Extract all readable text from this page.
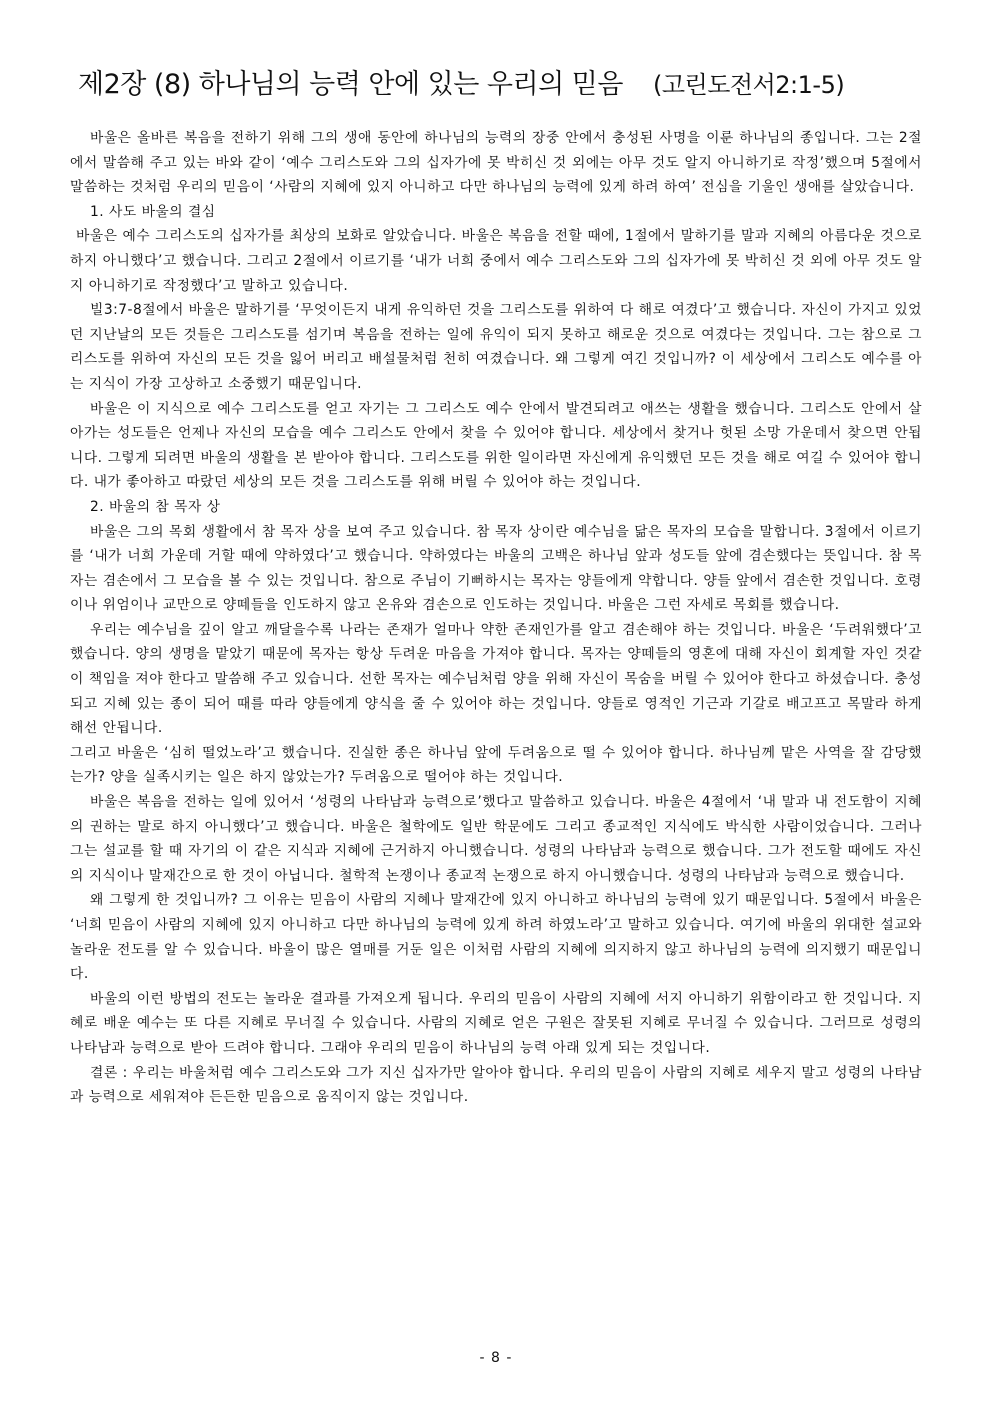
제2장 (8) 하나님의 능력 안에 있는 우리의 믿음 (고린도전서2:1-5)

바울은 올바른 복음을 전하기 위해 그의 생애 동안에 하나님의 능력의 장중 안에서 충성된 사명을 이룬 하나님의 종입니다. 그는 2절에서 말씀해 주고 있는 바와 같이 ‘예수 그리스도와 그의 십자가에 못 박히신 것 외에는 아무 것도 알지 아니하기로 작정’했으며 5절에서 말씀하는 것처럼 우리의 믿음이 ‘사람의 지혜에 있지 아니하고 다만 하나님의 능력에 있게 하려 하여’ 전심을 기울인 생애를 살았습니다.

1. 사도 바울의 결심

바울은 예수 그리스도의 십자가를 최상의 보화로 알았습니다. 바울은 복음을 전할 때에, 1절에서 말하기를 말과 지혜의 아름다운 것으로 하지 아니했다’고 했습니다. 그리고 2절에서 이르기를 ‘내가 너희 중에서 예수 그리스도와 그의 십자가에 못 박히신 것 외에 아무 것도 알지 아니하기로 작정했다’고 말하고 있습니다.

빌3:7-8절에서 바울은 말하기를 ‘무엇이든지 내게 유익하던 것을 그리스도를 위하여 다 해로 여겼다’고 했습니다. 자신이 가지고 있었던 지난날의 모든 것들은 그리스도를 섬기며 복음을 전하는 일에 유익이 되지 못하고 해로운 것으로 여겼다는 것입니다. 그는 참으로 그리스도를 위하여 자신의 모든 것을 잃어 버리고 배설물처럼 천히 여겼습니다. 왜 그렇게 여긴 것입니까? 이 세상에서 그리스도 예수를 아는 지식이 가장 고상하고 소중했기 때문입니다.

바울은 이 지식으로 예수 그리스도를 얻고 자기는 그 그리스도 예수 안에서 발견되려고 애쓰는 생활을 했습니다. 그리스도 안에서 살아가는 성도들은 언제나 자신의 모습을 예수 그리스도 안에서 찾을 수 있어야 합니다. 세상에서 찾거나 헛된 소망 가운데서 찾으면 안됩니다. 그렇게 되려면 바울의 생활을 본 받아야 합니다. 그리스도를 위한 일이라면 자신에게 유익했던 모든 것을 해로 여길 수 있어야 합니다. 내가 좋아하고 따랐던 세상의 모든 것을 그리스도를 위해 버릴 수 있어야 하는 것입니다.

2. 바울의 참 목자 상

바울은 그의 목회 생활에서 참 목자 상을 보여 주고 있습니다. 참 목자 상이란 예수님을 닮은 목자의 모습을 말합니다. 3절에서 이르기를 ‘내가 너희 가운데 거할 때에 약하였다’고 했습니다. 약하였다는 바울의 고백은 하나님 앞과 성도들 앞에 겸손했다는 뜻입니다. 참 목자는 겸손에서 그 모습을 볼 수 있는 것입니다. 참으로 주님이 기뻐하시는 목자는 양들에게 약합니다. 양들 앞에서 겸손한 것입니다. 호령이나 위엄이나 교만으로 양떼들을 인도하지 않고 온유와 겸손으로 인도하는 것입니다. 바울은 그런 자세로 목회를 했습니다.

우리는 예수님을 깊이 알고 깨달을수록 나라는 존재가 얼마나 약한 존재인가를 알고 겸손해야 하는 것입니다. 바울은 ‘두려워했다’고 했습니다. 양의 생명을 맡았기 때문에 목자는 항상 두려운 마음을 가져야 합니다. 목자는 양떼들의 영혼에 대해 자신이 회계할 자인 것같이 책임을 져야 한다고 말씀해 주고 있습니다. 선한 목자는 예수님처럼 양을 위해 자신이 목숨을 버릴 수 있어야 한다고 하셨습니다. 충성되고 지혜 있는 종이 되어 때를 따라 양들에게 양식을 줄 수 있어야 하는 것입니다. 양들로 영적인 기근과 기갈로 배고프고 목말라 하게 해선 안됩니다.

그리고 바울은 ‘심히 떨었노라’고 했습니다. 진실한 종은 하나님 앞에 두려움으로 떨 수 있어야 합니다. 하나님께 맡은 사역을 잘 감당했는가? 양을 실족시키는 일은 하지 않았는가? 두려움으로 떨어야 하는 것입니다.

바울은 복음을 전하는 일에 있어서 ‘성령의 나타남과 능력으로’했다고 말씀하고 있습니다. 바울은 4절에서 ‘내 말과 내 전도함이 지혜의 권하는 말로 하지 아니했다’고 했습니다. 바울은 철학에도 일반 학문에도 그리고 종교적인 지식에도 박식한 사람이었습니다. 그러나 그는 설교를 할 때 자기의 이 같은 지식과 지혜에 근거하지 아니했습니다. 성령의 나타남과 능력으로 했습니다. 그가 전도할 때에도 자신의 지식이나 말재간으로 한 것이 아닙니다. 철학적 논쟁이나 종교적 논쟁으로 하지 아니했습니다. 성령의 나타남과 능력으로 했습니다.

왜 그렇게 한 것입니까? 그 이유는 믿음이 사람의 지혜나 말재간에 있지 아니하고 하나님의 능력에 있기 때문입니다. 5절에서 바울은 ‘너희 믿음이 사람의 지혜에 있지 아니하고 다만 하나님의 능력에 있게 하려 하였노라’고 말하고 있습니다. 여기에 바울의 위대한 설교와 놀라운 전도를 알 수 있습니다. 바울이 많은 열매를 거둔 일은 이처럼 사람의 지혜에 의지하지 않고 하나님의 능력에 의지했기 때문입니다.

바울의 이런 방법의 전도는 놀라운 결과를 가져오게 됩니다. 우리의 믿음이 사람의 지혜에 서지 아니하기 위함이라고 한 것입니다. 지혜로 배운 예수는 또 다른 지혜로 무너질 수 있습니다. 사람의 지혜로 얻은 구원은 잘못된 지혜로 무너질 수 있습니다. 그러므로 성령의 나타남과 능력으로 받아 드려야 합니다. 그래야 우리의 믿음이 하나님의 능력 아래 있게 되는 것입니다.

결론 : 우리는 바울처럼 예수 그리스도와 그가 지신 십자가만 알아야 합니다. 우리의 믿음이 사람의 지혜로 세우지 말고 성령의 나타남과 능력으로 세워져야 든든한 믿음으로 움직이지 않는 것입니다.

- 8 -
